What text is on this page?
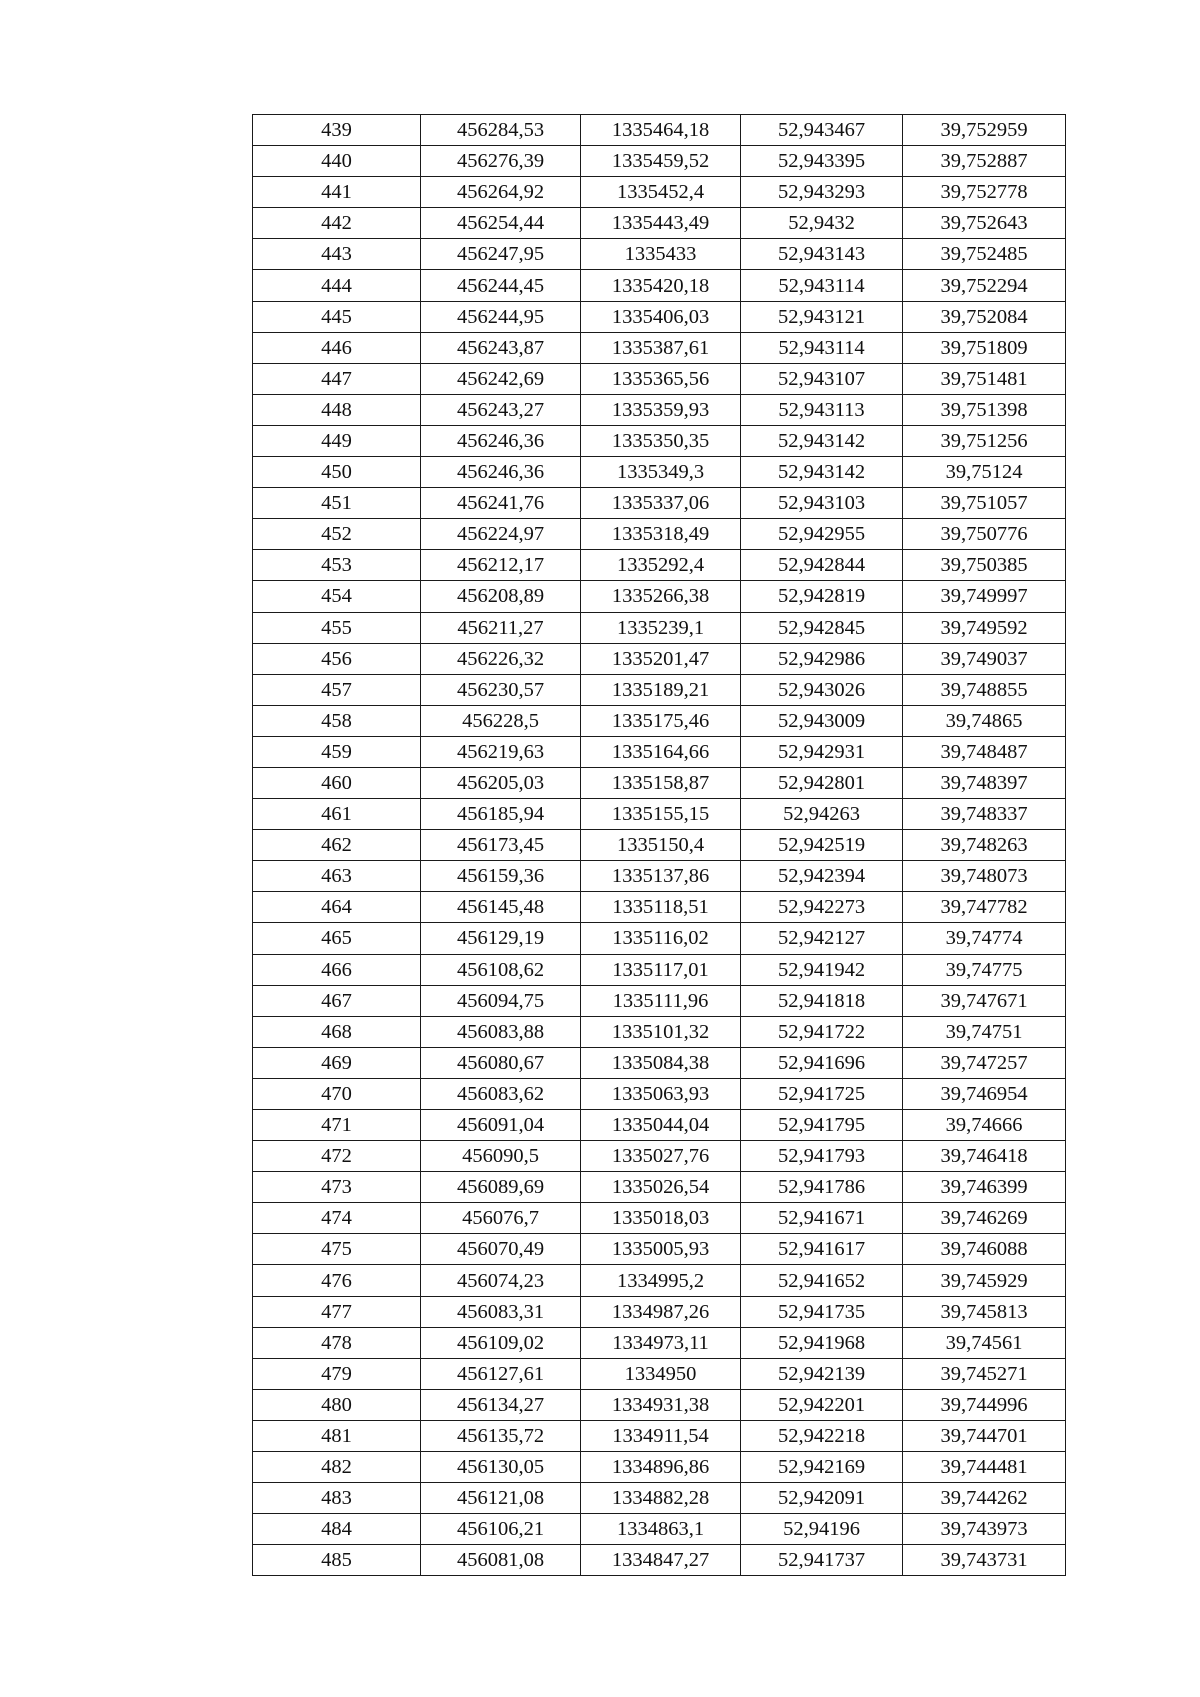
439	456284,53	1335464,18	52,943467	39,752959
440	456276,39	1335459,52	52,943395	39,752887
441	456264,92	1335452,4	52,943293	39,752778
442	456254,44	1335443,49	52,9432	39,752643
443	456247,95	1335433	52,943143	39,752485
444	456244,45	1335420,18	52,943114	39,752294
445	456244,95	1335406,03	52,943121	39,752084
446	456243,87	1335387,61	52,943114	39,751809
447	456242,69	1335365,56	52,943107	39,751481
448	456243,27	1335359,93	52,943113	39,751398
449	456246,36	1335350,35	52,943142	39,751256
450	456246,36	1335349,3	52,943142	39,75124
451	456241,76	1335337,06	52,943103	39,751057
452	456224,97	1335318,49	52,942955	39,750776
453	456212,17	1335292,4	52,942844	39,750385
454	456208,89	1335266,38	52,942819	39,749997
455	456211,27	1335239,1	52,942845	39,749592
456	456226,32	1335201,47	52,942986	39,749037
457	456230,57	1335189,21	52,943026	39,748855
458	456228,5	1335175,46	52,943009	39,74865
459	456219,63	1335164,66	52,942931	39,748487
460	456205,03	1335158,87	52,942801	39,748397
461	456185,94	1335155,15	52,94263	39,748337
462	456173,45	1335150,4	52,942519	39,748263
463	456159,36	1335137,86	52,942394	39,748073
464	456145,48	1335118,51	52,942273	39,747782
465	456129,19	1335116,02	52,942127	39,74774
466	456108,62	1335117,01	52,941942	39,74775
467	456094,75	1335111,96	52,941818	39,747671
468	456083,88	1335101,32	52,941722	39,74751
469	456080,67	1335084,38	52,941696	39,747257
470	456083,62	1335063,93	52,941725	39,746954
471	456091,04	1335044,04	52,941795	39,74666
472	456090,5	1335027,76	52,941793	39,746418
473	456089,69	1335026,54	52,941786	39,746399
474	456076,7	1335018,03	52,941671	39,746269
475	456070,49	1335005,93	52,941617	39,746088
476	456074,23	1334995,2	52,941652	39,745929
477	456083,31	1334987,26	52,941735	39,745813
478	456109,02	1334973,11	52,941968	39,74561
479	456127,61	1334950	52,942139	39,745271
480	456134,27	1334931,38	52,942201	39,744996
481	456135,72	1334911,54	52,942218	39,744701
482	456130,05	1334896,86	52,942169	39,744481
483	456121,08	1334882,28	52,942091	39,744262
484	456106,21	1334863,1	52,94196	39,743973
485	456081,08	1334847,27	52,941737	39,743731
